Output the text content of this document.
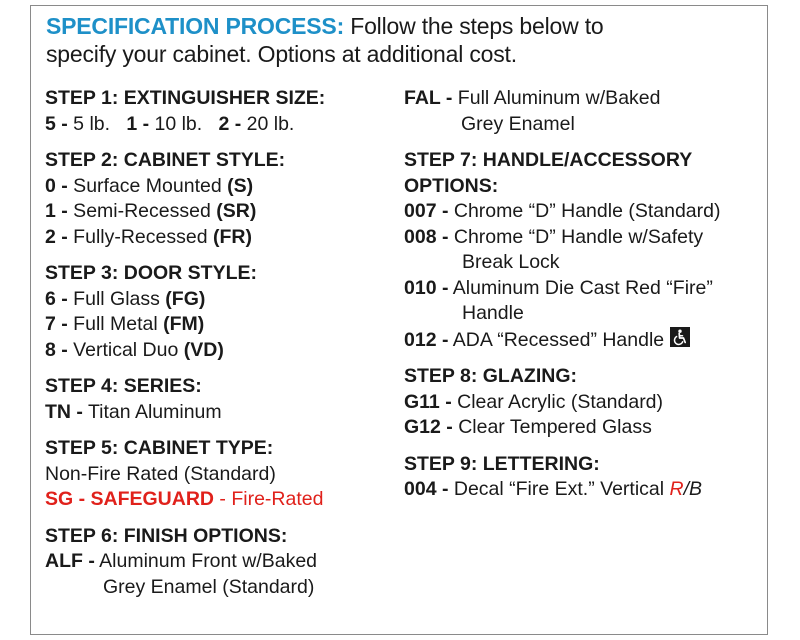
SPECIFICATION PROCESS: Follow the steps below to
specify your cabinet. Options at additional cost.
STEP 1: EXTINGUISHER SIZE:
5 - 5 lb. 1 - 10 lb. 2 - 20 lb.
STEP 2: CABINET STYLE:
0 - Surface Mounted (S)
1 - Semi-Recessed (SR)
2 - Fully-Recessed (FR)
STEP 3: DOOR STYLE:
6 - Full Glass (FG)
7 - Full Metal (FM)
8 - Vertical Duo (VD)
STEP 4: SERIES:
TN - Titan Aluminum
STEP 5: CABINET TYPE:
Non-Fire Rated (Standard)
SG - SAFEGUARD - Fire-Rated
STEP 6: FINISH OPTIONS:
ALF - Aluminum Front w/Baked
Grey Enamel (Standard)
FAL - Full Aluminum w/Baked
Grey Enamel
STEP 7: HANDLE/ACCESSORY
OPTIONS:
007 - Chrome “D” Handle (Standard)
008 - Chrome “D” Handle w/Safety
Break Lock
010 - Aluminum Die Cast Red “Fire”
Handle
012 - ADA “Recessed” Handle
STEP 8: GLAZING:
G11 - Clear Acrylic (Standard)
G12 - Clear Tempered Glass
STEP 9: LETTERING:
004 - Decal “Fire Ext.” Vertical R/B
